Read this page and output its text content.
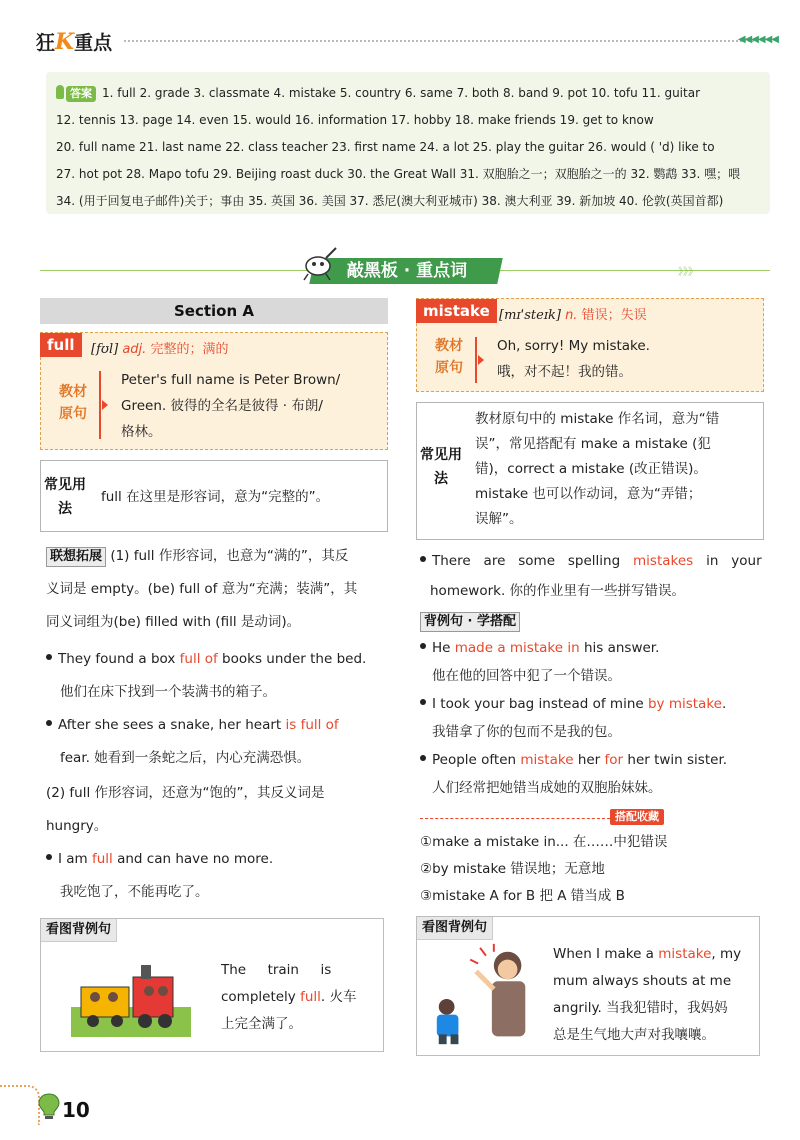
狂K重点	◀◀◀◀◀◀
答案 1. full 2. grade 3. classmate 4. mistake 5. country 6. same 7. both 8. band 9. pot 10. tofu 11. guitar
12. tennis 13. page 14. even 15. would 16. information 17. hobby 18. make friends 19. get to know
20. full name 21. last name 22. class teacher 23. first name 24. a lot 25. play the guitar 26. would ( 'd) like to
27. hot pot 28. Mapo tofu 29. Beijing roast duck 30. the Great Wall 31. 双胞胎之一；双胞胎之一的 32. 鹦鹉 33. 嘿；喂
34. (用于回复电子邮件)关于；事由 35. 英国 36. 美国 37. 悉尼(澳大利亚城市) 38. 澳大利亚 39. 新加坡 40. 伦敦(英国首都)
敲黑板 · 重点词	》》》
Section A
full	[fʊl] adj. 完整的；满的
教材原句
Peter's full name is Peter Brown/
Green. 彼得的全名是彼得 · 布朗/
格林。
常见用法
full 在这里是形容词，意为“完整的”。
联想拓展 (1) full 作形容词，也意为“满的”，其反
义词是 empty。(be) full of 意为“充满；装满”，其
同义词组为(be) filled with (fill 是动词)。
They found a box full of books under the bed.
他们在床下找到一个装满书的箱子。
After she sees a snake, her heart is full of
fear. 她看到一条蛇之后，内心充满恐惧。
(2) full 作形容词，还意为“饱的”，其反义词是
hungry。
I am full and can have no more.
我吃饱了，不能再吃了。
看图背例句
The     train     is
completely full. 火车
上完全满了。
mistake [mɪˈsteɪk] n. 错误；失误
教材原句
Oh, sorry! My mistake.
哦，对不起！我的错。
常见用法
教材原句中的 mistake 作名词，意为“错
误”，常见搭配有 make a mistake (犯
错)，correct a mistake (改正错误)。
mistake 也可以作动词，意为“弄错；
误解”。
There   are   some   spelling   mistakes   in   your
homework. 你的作业里有一些拼写错误。
背例句 · 学搭配
He made a mistake in his answer.
他在他的回答中犯了一个错误。
I took your bag instead of mine by mistake.
我错拿了你的包而不是我的包。
People often mistake her for her twin sister.
人们经常把她错当成她的双胞胎妹妹。
搭配收藏
①make a mistake in... 在……中犯错误
②by mistake 错误地；无意地
③mistake A for B 把 A 错当成 B
看图背例句
When I make a mistake, my
mum always shouts at me
angrily. 当我犯错时，我妈妈
总是生气地大声对我嚷嚷。
10
